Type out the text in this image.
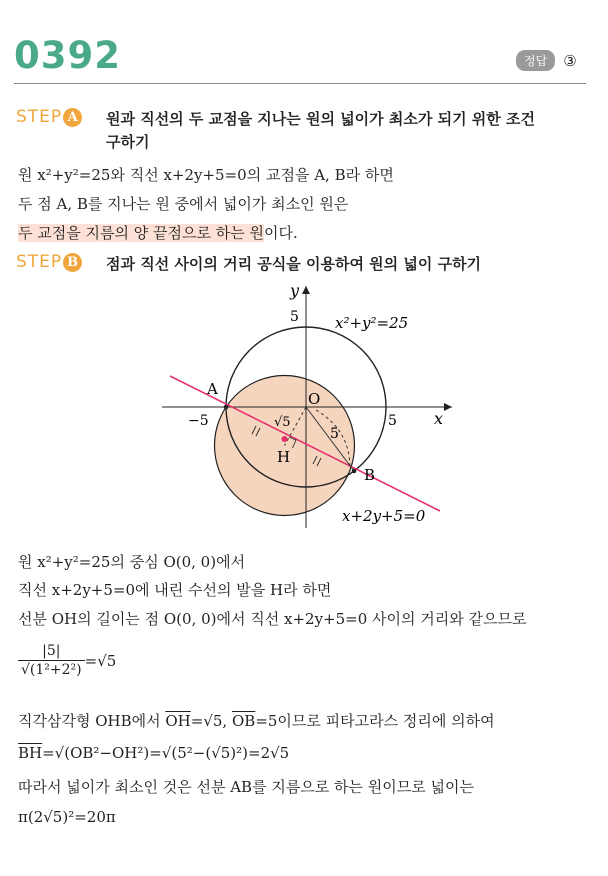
0392	정답	③
STEP A 원과 직선의 두 교점을 지나는 원의 넓이가 최소가 되기 위한 조건
구하기
원 x²+y²=25와 직선 x+2y+5=0의 교점을 A, B라 하면
두 점 A, B를 지나는 원 중에서 넓이가 최소인 원은
두 교점을 지름의 양 끝점으로 하는 원이다.
STEP B 점과 직선 사이의 거리 공식을 이용하여 원의 넓이 구하기
y
x
x²+y²=25
x+2y+5=0
5
−5	5
A
B
O
H
√5
5
원 x²+y²=25의 중심 O(0, 0)에서
직선 x+2y+5=0에 내린 수선의 발을 H라 하면
선분 OH의 길이는 점 O(0, 0)에서 직선 x+2y+5=0 사이의 거리와 같으므로
$\frac{|5|}{\text{√(1²+2²)}} =√5$
직각삼각형 OHB에서 $\overline{OH}=√5$, $\overline{OB}=5$이므로 피타고라스 정리에 의하여
$\overline{BH}=√(OB^2-OH^2)=√(5^2-(√5)^2)=2√5$
따라서 넓이가 최소인 것은 선분 AB를 지름으로 하는 원이므로 넓이는
π(2√5)²=20π
